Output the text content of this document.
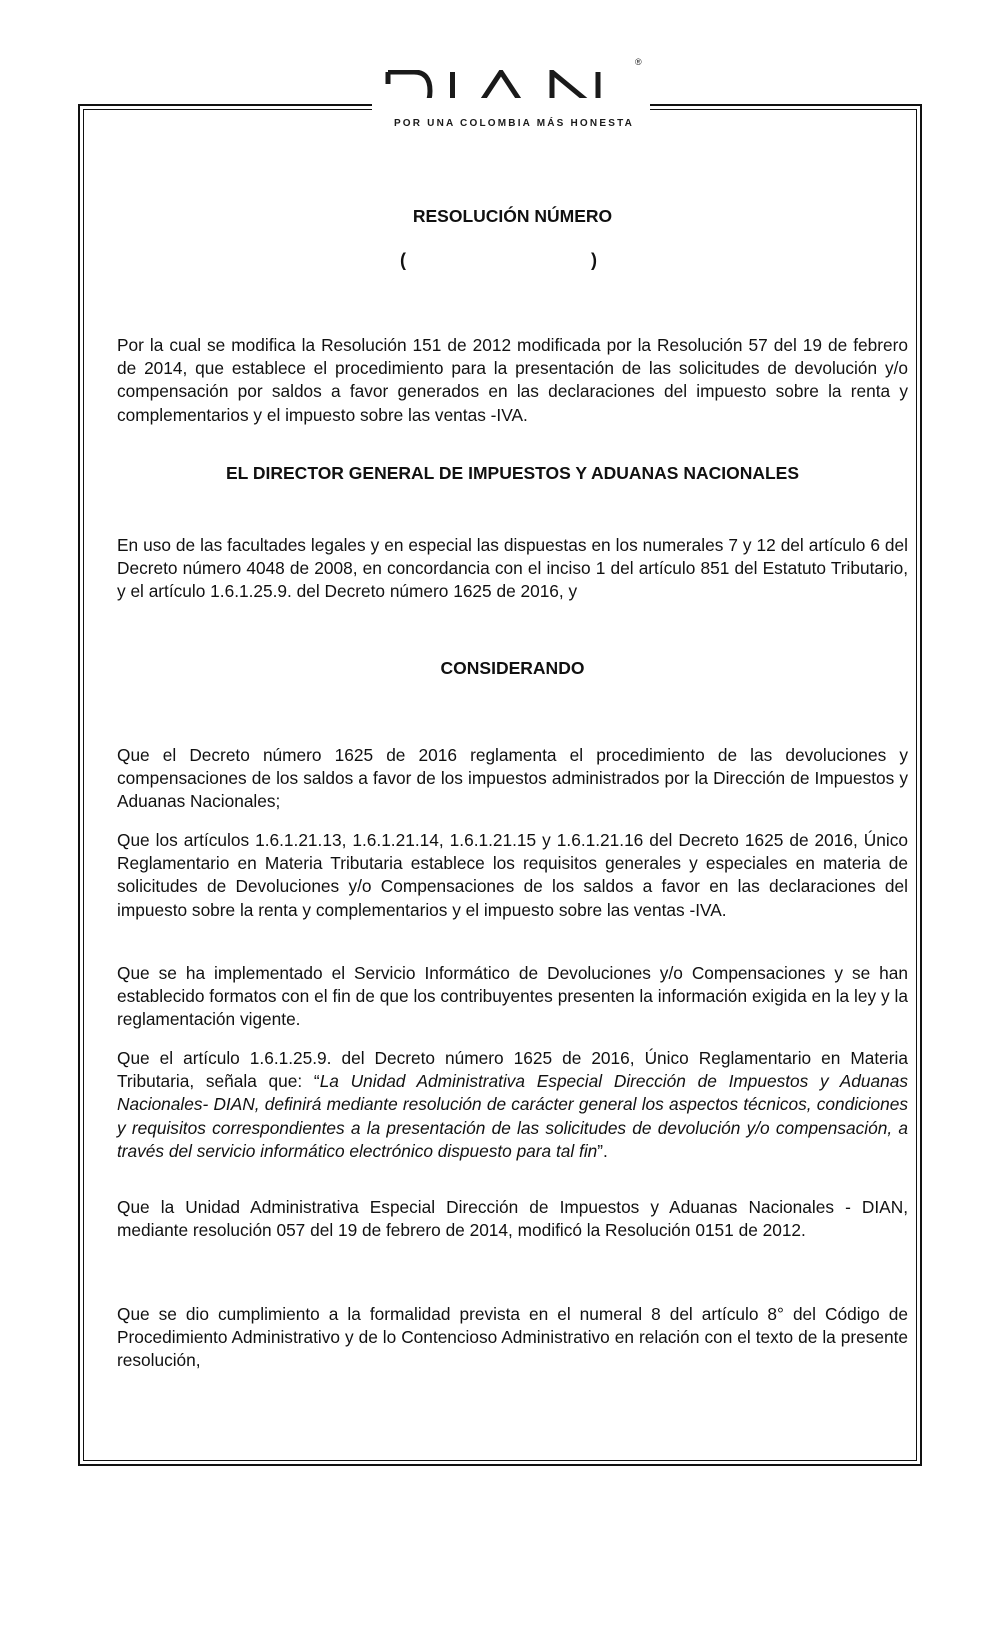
®
POR UNA COLOMBIA MÁS HONESTA
RESOLUCIÓN NÚMERO
(	)

Por la cual se modifica la Resolución 151 de 2012 modificada por la Resolución 57 del 19 de febrero de 2014, que establece el procedimiento para la presentación de las solicitudes de devolución y/o compensación por saldos a favor generados en las declaraciones del impuesto sobre la renta y complementarios y el impuesto sobre las ventas -IVA.

EL DIRECTOR GENERAL DE IMPUESTOS Y ADUANAS NACIONALES

En uso de las facultades legales y en especial las dispuestas en los numerales 7 y 12 del artículo 6 del Decreto número 4048 de 2008, en concordancia con el inciso 1 del artículo 851 del Estatuto Tributario, y el artículo 1.6.1.25.9. del Decreto número 1625 de 2016, y

CONSIDERANDO

Que el Decreto número 1625 de 2016 reglamenta el procedimiento de las devoluciones y compensaciones de los saldos a favor de los impuestos administrados por la Dirección de Impuestos y Aduanas Nacionales;

Que los artículos 1.6.1.21.13, 1.6.1.21.14, 1.6.1.21.15 y 1.6.1.21.16 del Decreto 1625 de 2016, Único Reglamentario en Materia Tributaria establece los requisitos generales y especiales en materia de solicitudes de Devoluciones y/o Compensaciones de los saldos a favor en las declaraciones del impuesto sobre la renta y complementarios y el impuesto sobre las ventas -IVA.

Que se ha implementado el Servicio Informático de Devoluciones y/o Compensaciones y se han establecido formatos con el fin de que los contribuyentes presenten la información exigida en la ley y la reglamentación vigente.

Que el artículo 1.6.1.25.9. del Decreto número 1625 de 2016, Único Reglamentario en Materia Tributaria, señala que: “La Unidad Administrativa Especial Dirección de Impuestos y Aduanas Nacionales- DIAN, definirá mediante resolución de carácter general los aspectos técnicos, condiciones y requisitos correspondientes a la presentación de las solicitudes de devolución y/o compensación, a través del servicio informático electrónico dispuesto para tal fin”.

Que la Unidad Administrativa Especial Dirección de Impuestos y Aduanas Nacionales - DIAN, mediante resolución 057 del 19 de febrero de 2014, modificó la Resolución 0151 de 2012.

Que se dio cumplimiento a la formalidad prevista en el numeral 8 del artículo 8° del Código de Procedimiento Administrativo y de lo Contencioso Administrativo en relación con el texto de la presente resolución,
